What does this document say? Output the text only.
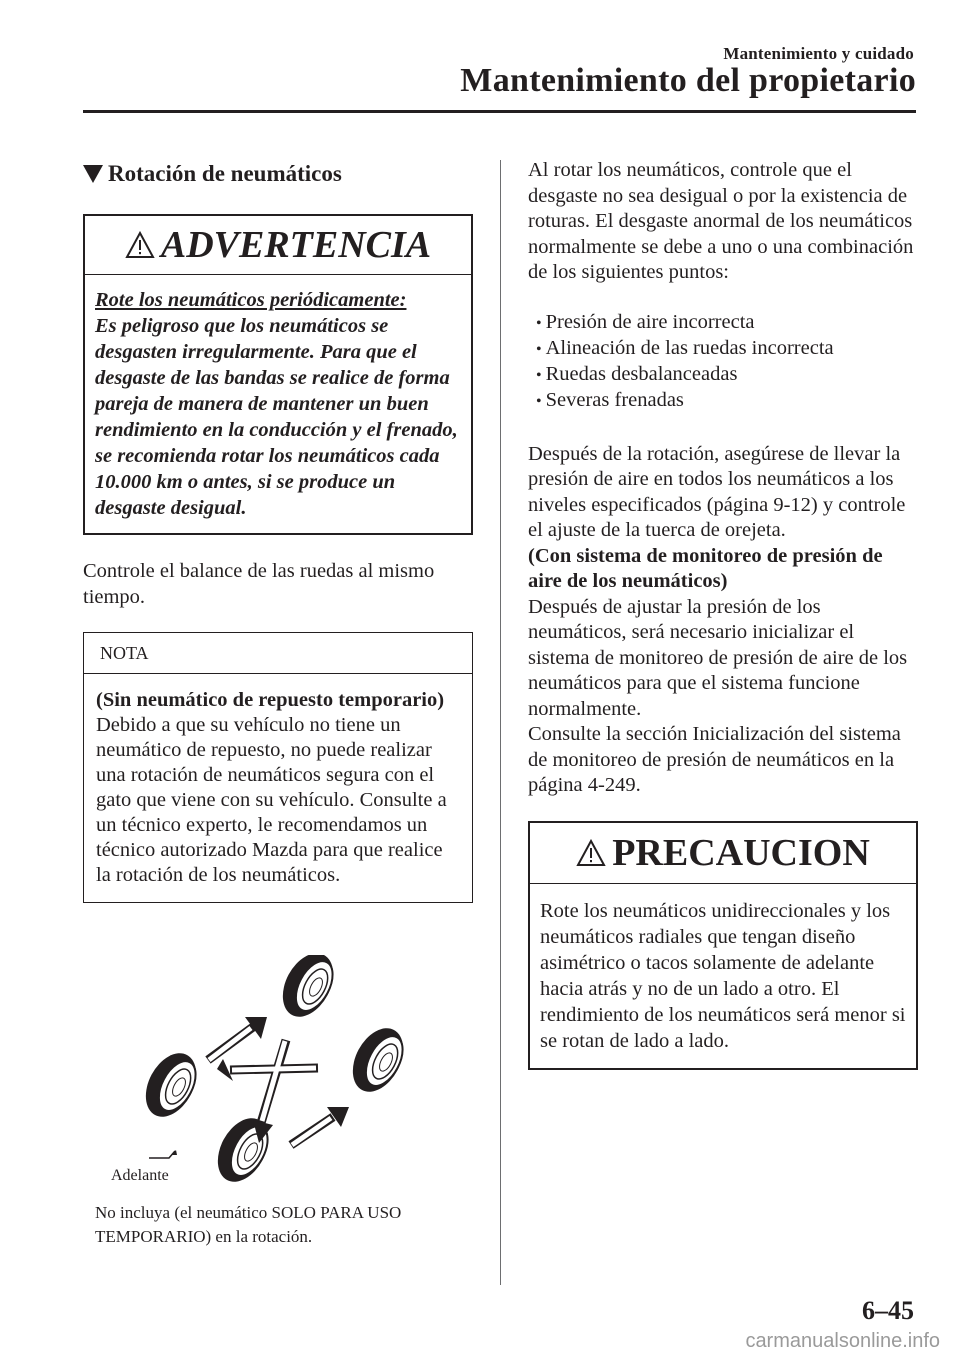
Mantenimiento y cuidado
Mantenimiento del propietario
Rotación de neumáticos
ADVERTENCIA
Rote los neumáticos periódicamente:
Es peligroso que los neumáticos se desgasten irregularmente. Para que el desgaste de las bandas se realice de forma pareja de manera de mantener un buen rendimiento en la conducción y el frenado, se recomienda rotar los neumáticos cada 10.000 km o antes, si se produce un desgaste desigual.

Controle el balance de las ruedas al mismo tiempo.

NOTA
(Sin neumático de repuesto temporario)
Debido a que su vehículo no tiene un neumático de repuesto, no puede realizar una rotación de neumáticos segura con el gato que viene con su vehículo. Consulte a un técnico experto, le recomendamos un técnico autorizado Mazda para que realice la rotación de los neumáticos.
Adelante

No incluya (el neumático SOLO PARA USO TEMPORARIO) en la rotación.

Al rotar los neumáticos, controle que el desgaste no sea desigual o por la existencia de roturas. El desgaste anormal de los neumáticos normalmente se debe a uno o una combinación de los siguientes puntos:

• Presión de aire incorrecta
• Alineación de las ruedas incorrecta
• Ruedas desbalanceadas
• Severas frenadas

Después de la rotación, asegúrese de llevar la presión de aire en todos los neumáticos a los niveles especificados (página 9-12) y controle el ajuste de la tuerca de orejeta.

(Con sistema de monitoreo de presión de aire de los neumáticos)

Después de ajustar la presión de los neumáticos, será necesario inicializar el sistema de monitoreo de presión de aire de los neumáticos para que el sistema funcione normalmente.

Consulte la sección Inicialización del sistema de monitoreo de presión de neumáticos en la página 4-249.

PRECAUCION
Rote los neumáticos unidireccionales y los neumáticos radiales que tengan diseño asimétrico o tacos solamente de adelante hacia atrás y no de un lado a otro. El rendimiento de los neumáticos será menor si se rotan de lado a lado.
6–45
carmanualsonline.info
